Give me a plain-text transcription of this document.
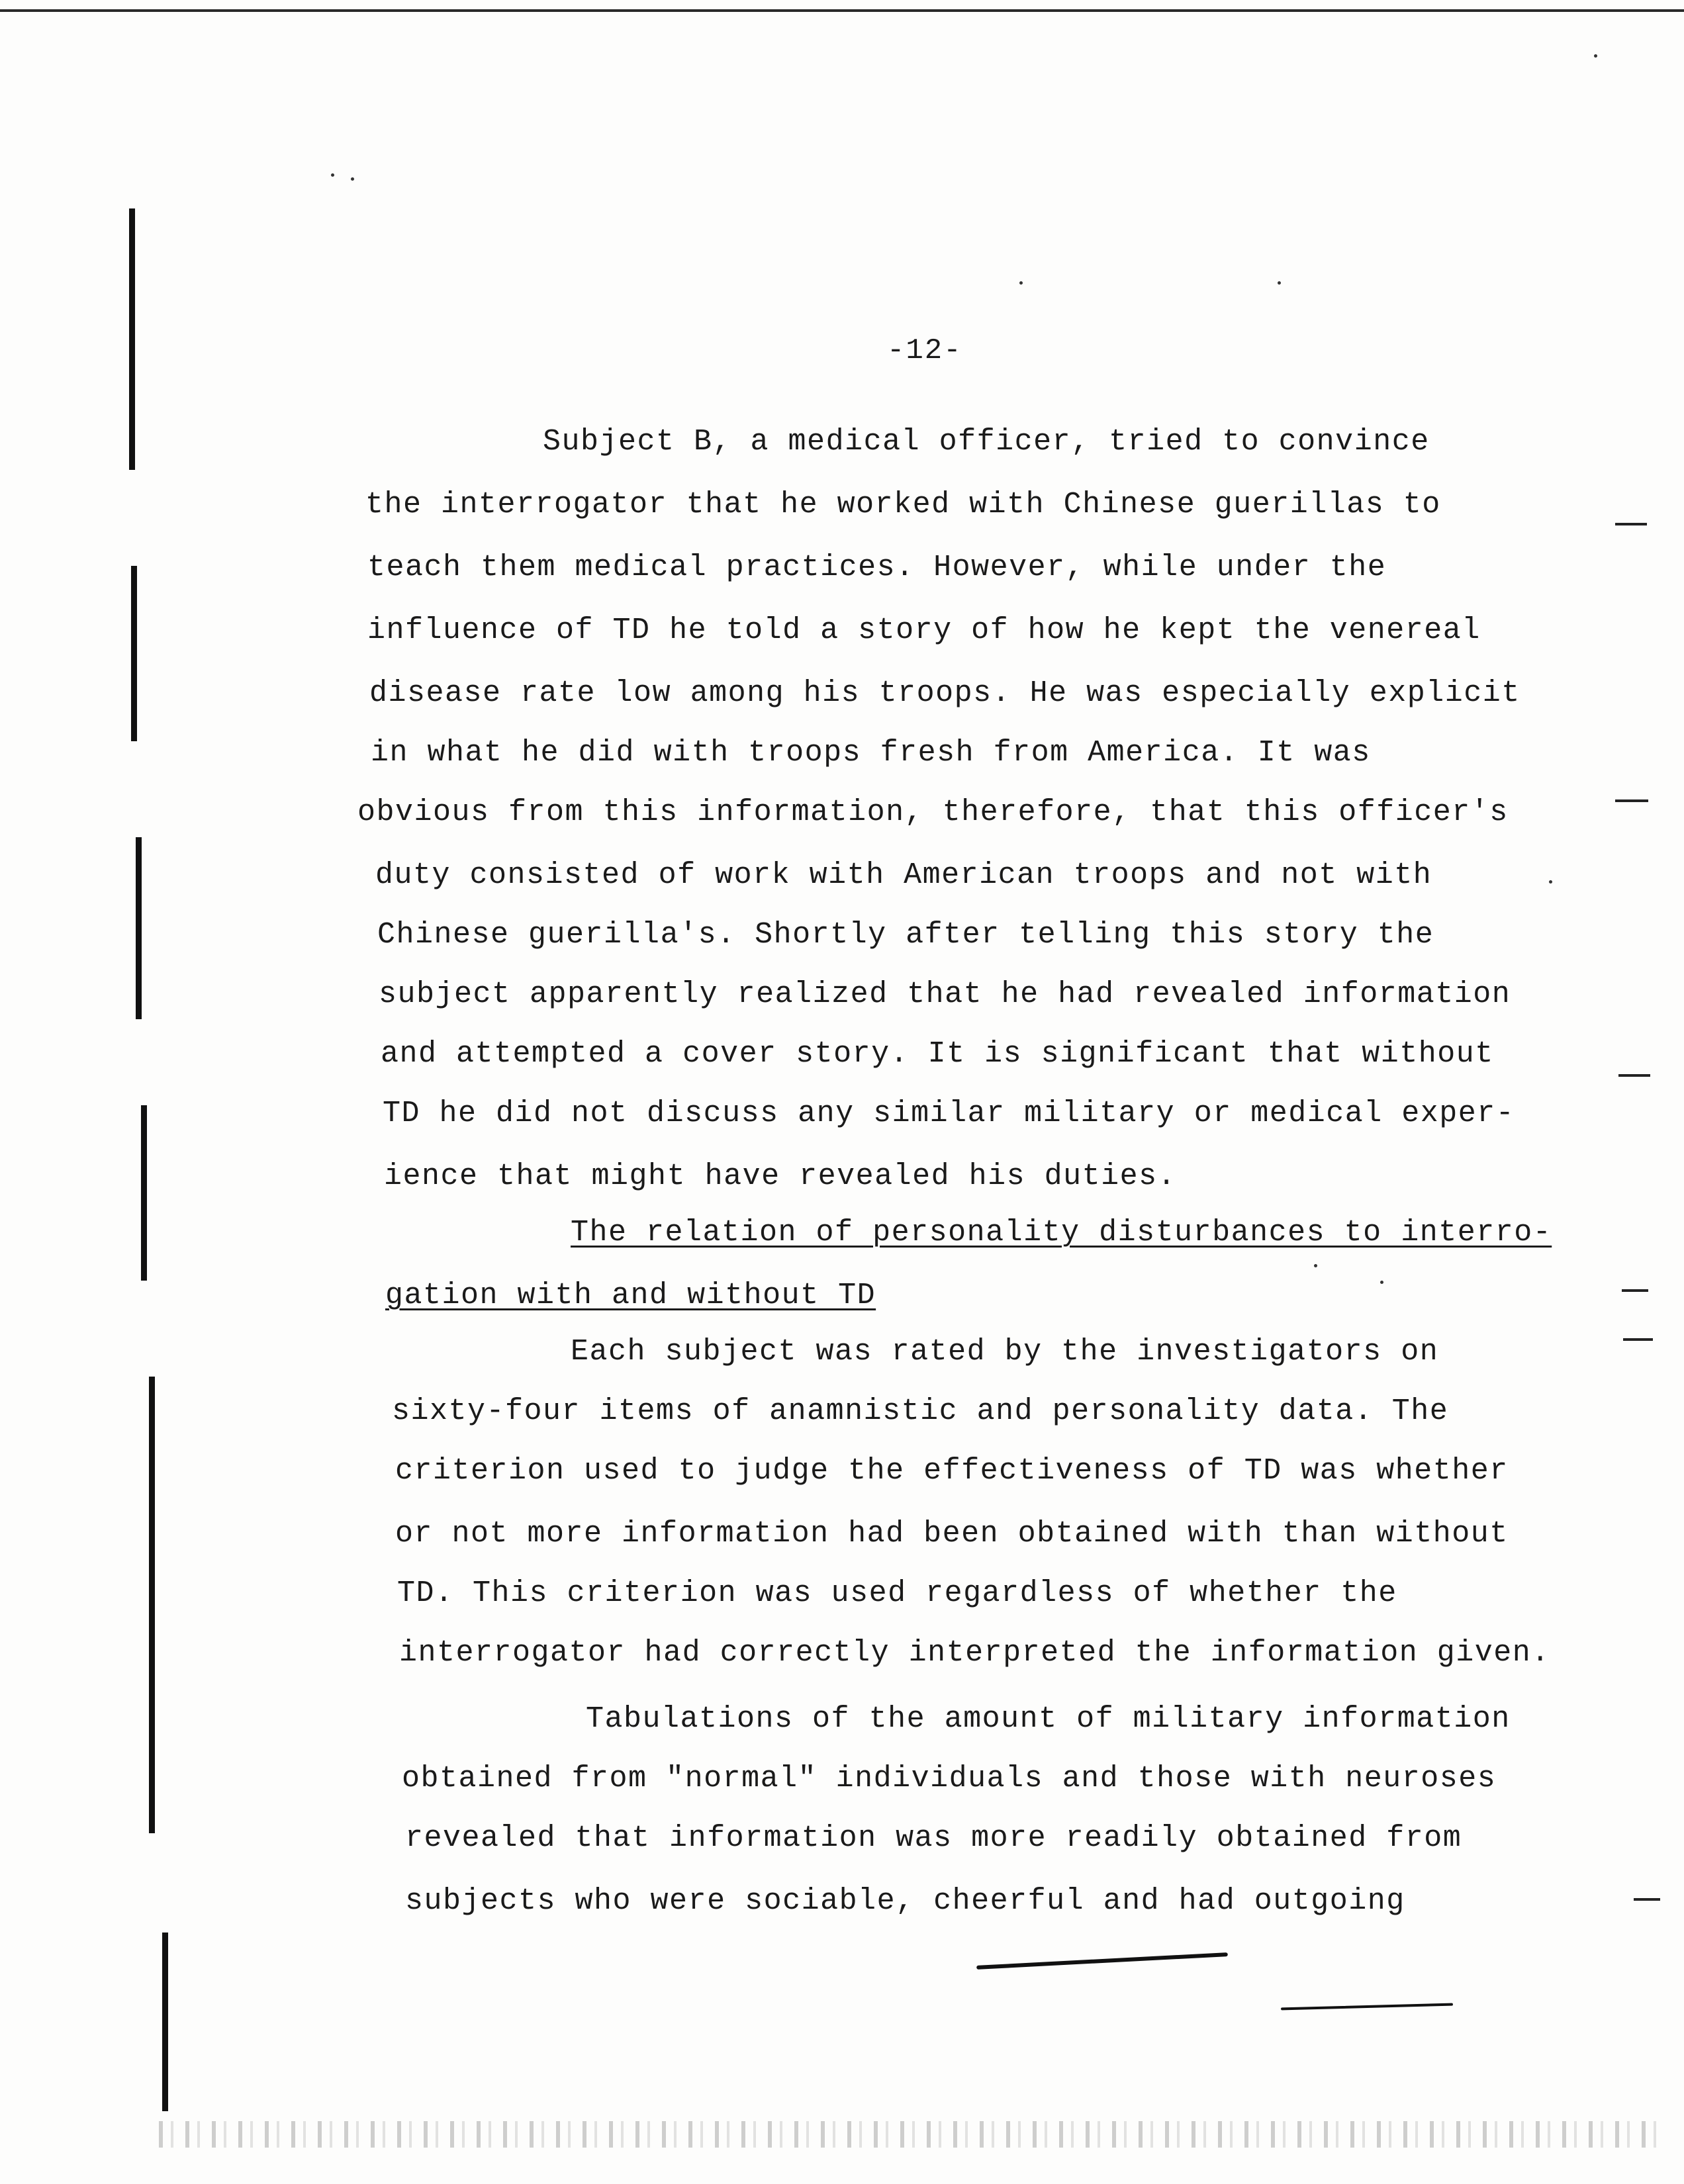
-12-
Subject B, a medical officer, tried to convince
the interrogator that he worked with Chinese guerillas to
teach them medical practices. However, while under the
influence of TD he told a story of how he kept the venereal
disease rate low among his troops. He was especially explicit
in what he did with troops fresh from America. It was
obvious from this information, therefore, that this officer's
duty consisted of work with American troops and not with
Chinese guerilla's. Shortly after telling this story the
subject apparently realized that he had revealed information
and attempted a cover story. It is significant that without
TD he did not discuss any similar military or medical exper-
ience that might have revealed his duties.
The relation of personality disturbances to interro-
gation with and without TD
Each subject was rated by the investigators on
sixty-four items of anamnistic and personality data. The
criterion used to judge the effectiveness of TD was whether
or not more information had been obtained with than without
TD. This criterion was used regardless of whether the
interrogator had correctly interpreted the information given.
Tabulations of the amount of military information
obtained from "normal" individuals and those with neuroses
revealed that information was more readily obtained from
subjects who were sociable, cheerful and had outgoing
